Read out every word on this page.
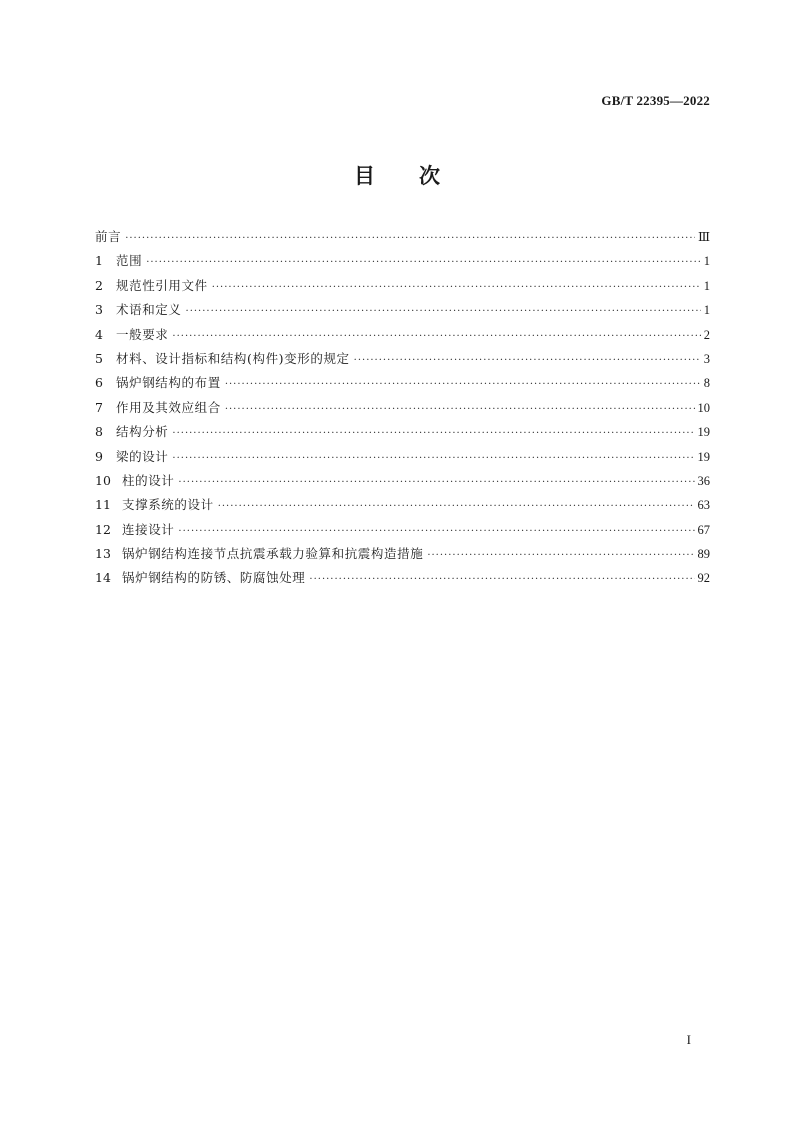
GB/T 22395—2022
目次
前言 ·····	Ⅲ
1	范围 ·····	1
2	规范性引用文件 ·····	1
3	术语和定义 ·····	1
4	一般要求 ·····	2
5	材料、设计指标和结构(构件)变形的规定 ·····	3
6	锅炉钢结构的布置 ·····	8
7	作用及其效应组合 ·····	10
8	结构分析 ·····	19
9	梁的设计 ·····	19
10 柱的设计 ·····	36
11 支撑系统的设计 ·····	63
12 连接设计 ·····	67
13 锅炉钢结构连接节点抗震承载力验算和抗震构造措施 ·····	89
14 锅炉钢结构的防锈、防腐蚀处理 ·····	92
I
